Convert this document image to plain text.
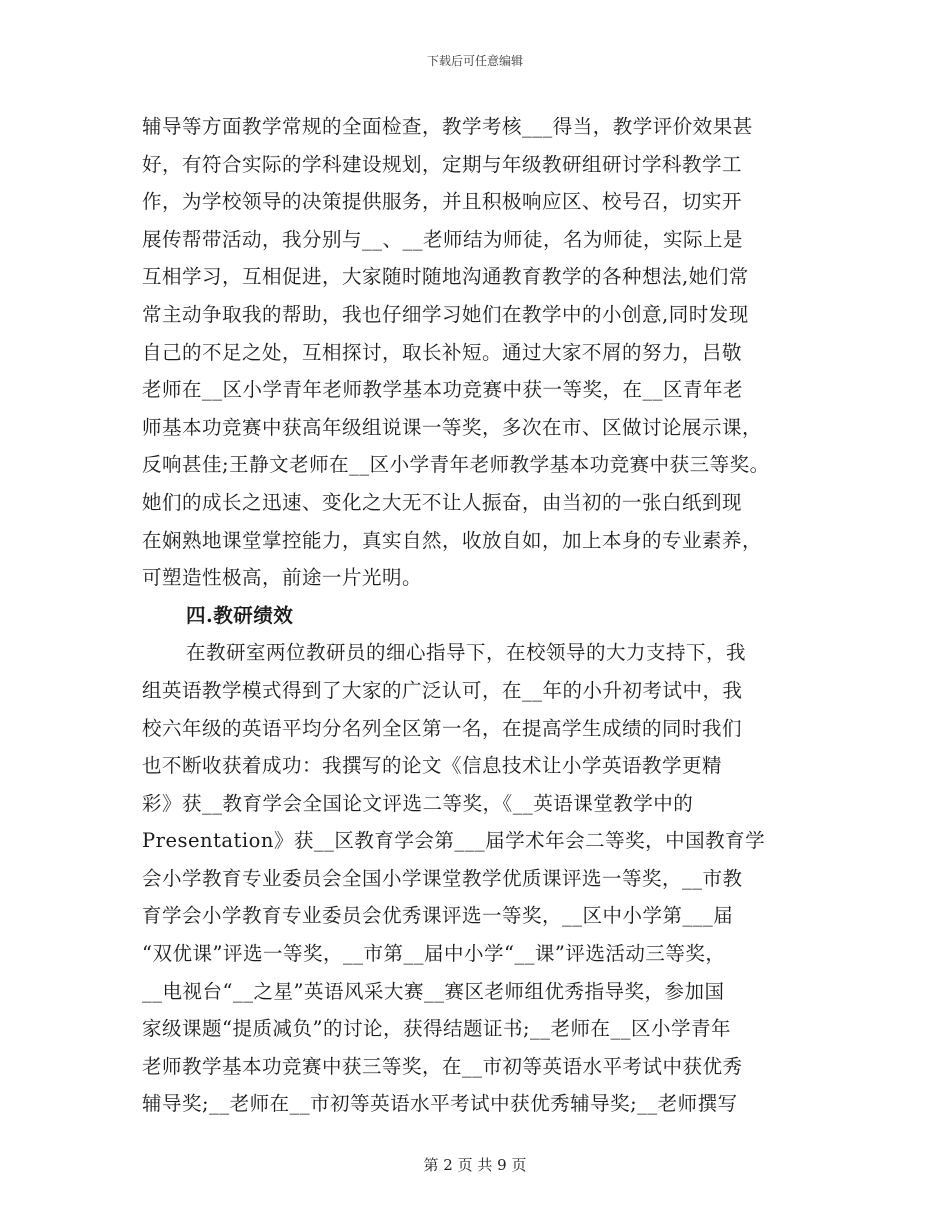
下载后可任意编辑
辅导等方面教学常规的全面检查，教学考核___得当，教学评价效果甚
好，有符合实际的学科建设规划，定期与年级教研组研讨学科教学工
作，为学校领导的决策提供服务，并且积极响应区、校号召，切实开
展传帮带活动，我分别与__、__老师结为师徒，名为师徒，实际上是
互相学习，互相促进，大家随时随地沟通教育教学的各种想法,她们常
常主动争取我的帮助，我也仔细学习她们在教学中的小创意,同时发现
自己的不足之处，互相探讨，取长补短。通过大家不屑的努力，吕敬
老师在__区小学青年老师教学基本功竞赛中获一等奖，在__区青年老
师基本功竞赛中获高年级组说课一等奖，多次在市、区做讨论展示课，
反响甚佳;王静文老师在__区小学青年老师教学基本功竞赛中获三等奖。
她们的成长之迅速、变化之大无不让人振奋，由当初的一张白纸到现
在娴熟地课堂掌控能力，真实自然，收放自如，加上本身的专业素养，
可塑造性极高，前途一片光明。
四.教研绩效
在教研室两位教研员的细心指导下，在校领导的大力支持下，我
组英语教学模式得到了大家的广泛认可，在__年的小升初考试中，我
校六年级的英语平均分名列全区第一名，在提高学生成绩的同时我们
也不断收获着成功：我撰写的论文《信息技术让小学英语教学更精
彩》获__教育学会全国论文评选二等奖，《__英语课堂教学中的
Presentation》获__区教育学会第___届学术年会二等奖，中国教育学
会小学教育专业委员会全国小学课堂教学优质课评选一等奖，__市教
育学会小学教育专业委员会优秀课评选一等奖，__区中小学第___届
“双优课”评选一等奖，__市第__届中小学“__课”评选活动三等奖，
__电视台“__之星”英语风采大赛__赛区老师组优秀指导奖，参加国
家级课题“提质减负”的讨论，获得结题证书;__老师在__区小学青年
老师教学基本功竞赛中获三等奖，在__市初等英语水平考试中获优秀
辅导奖;__老师在__市初等英语水平考试中获优秀辅导奖;__老师撰写
第 2 页 共 9 页
